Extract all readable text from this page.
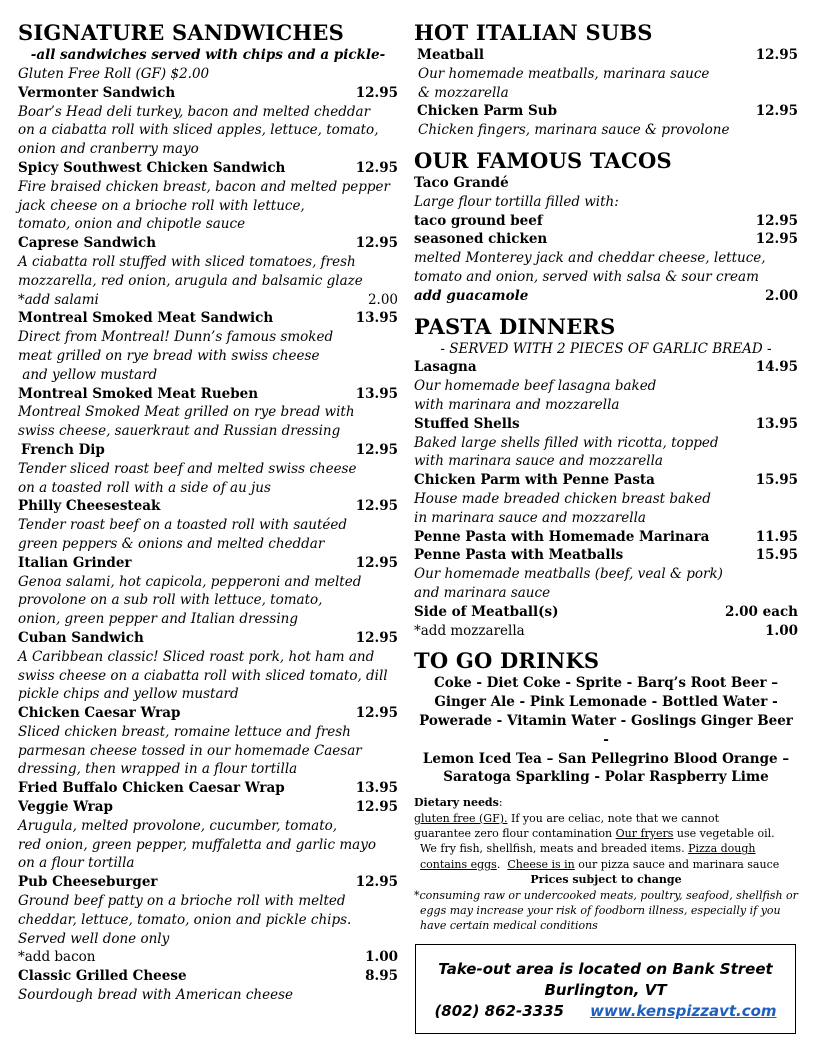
SIGNATURE SANDWICHES
-all sandwiches served with chips and a pickle-
Gluten Free Roll (GF) $2.00
Vermonter Sandwich	12.95
Boar’s Head deli turkey, bacon and melted cheddar
on a ciabatta roll with sliced apples, lettuce, tomato,
onion and cranberry mayo
Spicy Southwest Chicken Sandwich	12.95
Fire braised chicken breast, bacon and melted pepper
jack cheese on a brioche roll with lettuce,
tomato, onion and chipotle sauce
Caprese Sandwich	12.95
A ciabatta roll stuffed with sliced tomatoes, fresh
mozzarella, red onion, arugula and balsamic glaze
*add salami	2.00
Montreal Smoked Meat Sandwich	13.95
Direct from Montreal! Dunn’s famous smoked
meat grilled on rye bread with swiss cheese
and yellow mustard
Montreal Smoked Meat Rueben	13.95
Montreal Smoked Meat grilled on rye bread with
swiss cheese, sauerkraut and Russian dressing
French Dip	12.95
Tender sliced roast beef and melted swiss cheese
on a toasted roll with a side of au jus
Philly Cheesesteak	12.95
Tender roast beef on a toasted roll with sautéed
green peppers & onions and melted cheddar
Italian Grinder	12.95
Genoa salami, hot capicola, pepperoni and melted
provolone on a sub roll with lettuce, tomato,
onion, green pepper and Italian dressing
Cuban Sandwich	12.95
A Caribbean classic! Sliced roast pork, hot ham and
swiss cheese on a ciabatta roll with sliced tomato, dill
pickle chips and yellow mustard
Chicken Caesar Wrap	12.95
Sliced chicken breast, romaine lettuce and fresh
parmesan cheese tossed in our homemade Caesar
dressing, then wrapped in a flour tortilla
Fried Buffalo Chicken Caesar Wrap	13.95
Veggie Wrap	12.95
Arugula, melted provolone, cucumber, tomato,
red onion, green pepper, muffaletta and garlic mayo
on a flour tortilla
Pub Cheeseburger	12.95
Ground beef patty on a brioche roll with melted
cheddar, lettuce, tomato, onion and pickle chips.
Served well done only
*add bacon	1.00
Classic Grilled Cheese	8.95
Sourdough bread with American cheese
HOT ITALIAN SUBS
Meatball	12.95
Our homemade meatballs, marinara sauce
& mozzarella
Chicken Parm Sub	12.95
Chicken fingers, marinara sauce & provolone
OUR FAMOUS TACOS
Taco Grandé
Large flour tortilla filled with:
taco ground beef	12.95
seasoned chicken	12.95
melted Monterey jack and cheddar cheese, lettuce,
tomato and onion, served with salsa & sour cream
add guacamole	2.00
PASTA DINNERS
- SERVED WITH 2 PIECES OF GARLIC BREAD -
Lasagna	14.95
Our homemade beef lasagna baked
with marinara and mozzarella
Stuffed Shells	13.95
Baked large shells filled with ricotta, topped
with marinara sauce and mozzarella
Chicken Parm with Penne Pasta	15.95
House made breaded chicken breast baked
in marinara sauce and mozzarella
Penne Pasta with Homemade Marinara	11.95
Penne Pasta with Meatballs	15.95
Our homemade meatballs (beef, veal & pork)
and marinara sauce
Side of Meatball(s)	2.00 each
*add mozzarella	1.00
TO GO DRINKS
Coke - Diet Coke - Sprite - Barq’s Root Beer –
Ginger Ale - Pink Lemonade - Bottled Water -
Powerade - Vitamin Water - Goslings Ginger Beer -
Lemon Iced Tea – San Pellegrino Blood Orange –
Saratoga Sparkling - Polar Raspberry Lime
Dietary needs:
gluten free (GF). If you are celiac, note that we cannot
guarantee zero flour contamination Our fryers use vegetable oil.
We fry fish, shellfish, meats and breaded items. Pizza dough
contains eggs.  Cheese is in our pizza sauce and marinara sauce
Prices subject to change
*consuming raw or undercooked meats, poultry, seafood, shellfish or
eggs may increase your risk of foodborn illness, especially if you
have certain medical conditions
Take-out area is located on Bank Street
Burlington, VT
(802) 862-3335 www.kenspizzavt.com
